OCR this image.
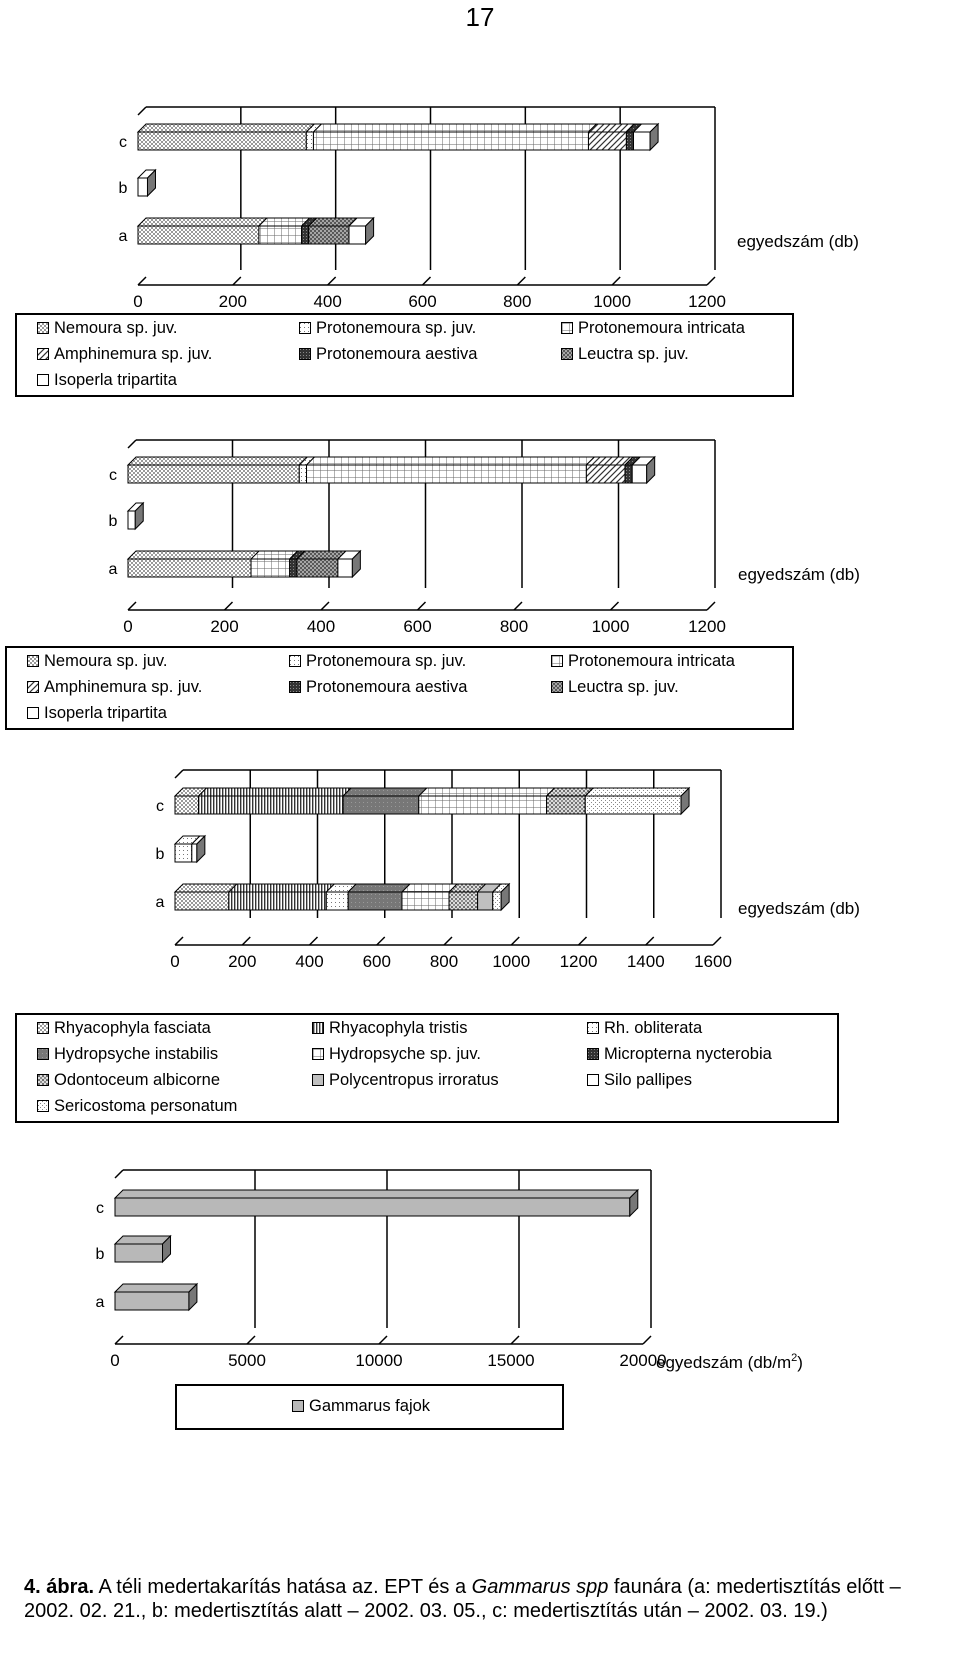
17
0	200	400	600	800	1000	1200
c
b
a	egyedszám (db)
Nemoura sp. juv.	Protonemoura sp. juv.	Protonemoura intricata
Amphinemura sp. juv.	Protonemoura aestiva	Leuctra sp. juv.
Isoperla tripartita
0	200	400	600	800	1000	1200
c
b
a	egyedszám (db)
Nemoura sp. juv.	Protonemoura sp. juv.	Protonemoura intricata
Amphinemura sp. juv.	Protonemoura aestiva	Leuctra sp. juv.
Isoperla tripartita
0	200 400 600 800 1000 1200 1400 1600
c
b
a	egyedszám (db)
Rhyacophyla fasciata	Rhyacophyla tristis	Rh. obliterata
Hydropsyche instabilis	Hydropsyche sp. juv.	Micropterna nycterobia
Odontoceum albicorne	Polycentropus irroratus	Silo pallipes
Sericostoma personatum
0	5000	10000	15000	20000
c
b
a
egyedszám $(db/m^2)$
Gammarus fajok
4. ábra. A téli medertakarítás hatása az. EPT és a Gammarus spp faunára (a: medertisztítás előtt – 2002. 02. 21., b: medertisztítás alatt – 2002. 03. 05., c: medertisztítás után – 2002. 03. 19.)
